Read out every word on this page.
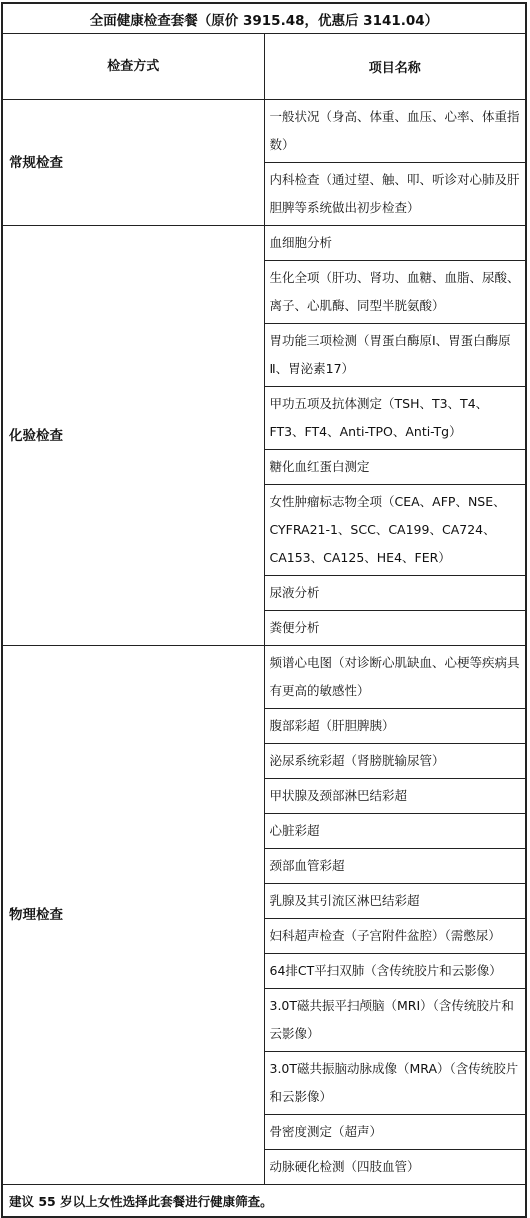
全面健康检查套餐（原价 3915.48，优惠后 3141.04）	
检查方式	项目名称
常规检查	一般状况（身高、体重、血压、心率、体重指数）
	内科检查（通过望、触、叩、听诊对心肺及肝胆脾等系统做出初步检查）
化验检查	血细胞分析
	生化全项（肝功、肾功、血糖、血脂、尿酸、离子、心肌酶、同型半胱氨酸）
	胃功能三项检测（胃蛋白酶原Ⅰ、胃蛋白酶原Ⅱ、胃泌素17）
	甲功五项及抗体测定（TSH、T3、T4、FT3、FT4、Anti-TPO、Anti-Tg）
	糖化血红蛋白测定
	女性肿瘤标志物全项（CEA、AFP、NSE、CYFRA21-1、SCC、CA199、CA724、CA153、CA125、HE4、FER）
	尿液分析
	粪便分析
物理检查	频谱心电图（对诊断心肌缺血、心梗等疾病具有更高的敏感性）
	腹部彩超（肝胆脾胰）
	泌尿系统彩超（肾膀胱输尿管）
	甲状腺及颈部淋巴结彩超
	心脏彩超
	颈部血管彩超
	乳腺及其引流区淋巴结彩超
	妇科超声检查（子宫附件盆腔）（需憋尿）
	64排CT平扫双肺（含传统胶片和云影像）
	3.0T磁共振平扫颅脑（MRI）（含传统胶片和云影像）
	3.0T磁共振脑动脉成像（MRA）（含传统胶片和云影像）
	骨密度测定（超声）
	动脉硬化检测（四肢血管）
建议 55 岁以上女性选择此套餐进行健康筛查。	
